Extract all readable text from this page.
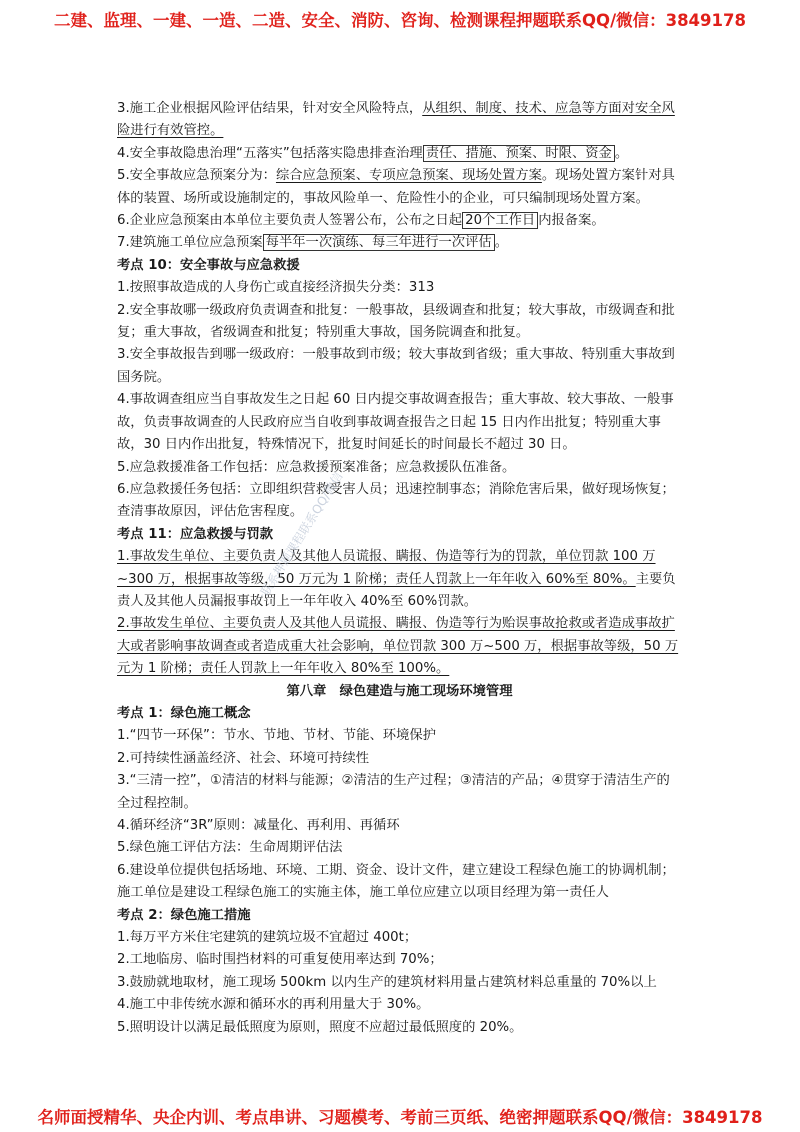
二建、监理、一建、一造、二造、安全、消防、咨询、检测课程押题联系QQ/微信：3849178

3.施工企业根据风险评估结果，针对安全风险特点，从组织、制度、技术、应急等方面对安全风险进行有效管控。

4.安全事故隐患治理“五落实”包括落实隐患排查治理 责任、措施、预案、时限、资金 。

5.安全事故应急预案分为：综合应急预案、专项应急预案、现场处置方案。现场处置方案针对具体的装置、场所或设施制定的，事故风险单一、危险性小的企业，可只编制现场处置方案。

6.企业应急预案由本单位主要负责人签署公布，公布之日起 20个工作日 内报备案。

7.建筑施工单位应急预案 每半年一次演练、每三年进行一次评估 。

考点 10：安全事故与应急救援

1.按照事故造成的人身伤亡或直接经济损失分类：313

2.安全事故哪一级政府负责调查和批复：一般事故，县级调查和批复；较大事故，市级调查和批复；重大事故，省级调查和批复；特别重大事故，国务院调查和批复。

3.安全事故报告到哪一级政府：一般事故到市级；较大事故到省级；重大事故、特别重大事故到国务院。

4.事故调查组应当自事故发生之日起 60 日内提交事故调查报告；重大事故、较大事故、一般事故，负责事故调查的人民政府应当自收到事故调查报告之日起 15 日内作出批复；特别重大事故，30 日内作出批复，特殊情况下，批复时间延长的时间最长不超过 30 日。

5.应急救援准备工作包括：应急救援预案准备；应急救援队伍准备。

6.应急救援任务包括：立即组织营救受害人员；迅速控制事态；消除危害后果，做好现场恢复；查清事故原因，评估危害程度。

考点 11：应急救援与罚款

1.事故发生单位、主要负责人及其他人员谎报、瞒报、伪造等行为的罚款，单位罚款 100 万~300 万，根据事故等级，50 万元为 1 阶梯；责任人罚款上一年年收入 60%至 80%。主要负责人及其他人员漏报事故罚上一年年收入 40%至 60%罚款。

2.事故发生单位、主要负责人及其他人员谎报、瞒报、伪造等行为贻误事故抢救或者造成事故扩大或者影响事故调查或者造成重大社会影响，单位罚款 300 万~500 万，根据事故等级，50 万元为 1 阶梯；责任人罚款上一年年收入 80%至 100%。

第八章　绿色建造与施工现场环境管理

考点 1：绿色施工概念

1.“四节一环保”：节水、节地、节材、节能、环境保护

2.可持续性涵盖经济、社会、环境可持续性

3.“三清一控”，①清洁的材料与能源；②清洁的生产过程；③清洁的产品；④贯穿于清洁生产的全过程控制。

4.循环经济“3R”原则：减量化、再利用、再循环

5.绿色施工评估方法：生命周期评估法

6.建设单位提供包括场地、环境、工期、资金、设计文件，建立建设工程绿色施工的协调机制；施工单位是建设工程绿色施工的实施主体，施工单位应建立以项目经理为第一责任人

考点 2：绿色施工措施

1.每万平方米住宅建筑的建筑垃圾不宜超过 400t；

2.工地临房、临时围挡材料的可重复使用率达到 70%；

3.鼓励就地取材，施工现场 500km 以内生产的建筑材料用量占建筑材料总重量的 70%以上

4.施工中非传统水源和循环水的再利用量大于 30%。

5.照明设计以满足最低照度为原则，照度不应超过最低照度的 20%。

一联系押题课程联系QQ/微信
名师面授精华、央企内训、考点串讲、习题模考、考前三页纸、绝密押题联系QQ/微信：3849178
